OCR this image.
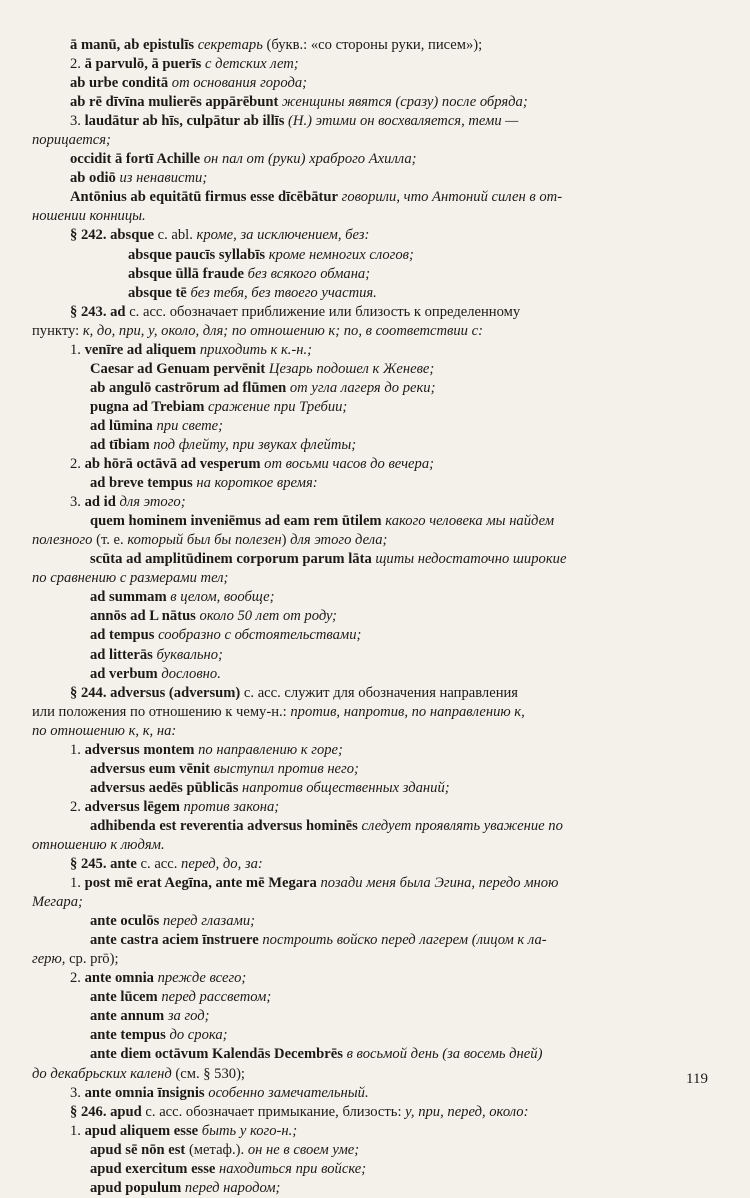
ā manū, ab epistulīs секретарь (букв.: «со стороны руки, писем»);
2. ā parvulō, ā puerīs с детских лет;
ab urbe conditā от основания города;
ab rē dīvīna mulierēs appārēbunt женщины явятся (сразу) после обряда;
3. laudātur ab hīs, culpātur ab illīs (H.) этими он восхваляется, теми —
порицается;
occidit ā fortī Achille он пал от (руки) храброго Ахилла;
ab odiō из ненависти;
Antōnius ab equitātū firmus esse dīcēbātur говорили, что Антоний силен в от-
ношении конницы.
§ 242. absque c. abl. кроме, за исключением, без:
absque paucīs syllabīs кроме немногих слогов;
absque ūllā fraude без всякого обмана;
absque tē без тебя, без твоего участия.
§ 243. ad c. acc. обозначает приближение или близость к определенному
пункту: к, до, при, у, около, для; по отношению к; по, в соответствии с:
1. venīre ad aliquem приходить к к.-н.;
Caesar ad Genuam pervēnit Цезарь подошел к Женеве;
ab angulō castrōrum ad flūmen от угла лагеря до реки;
pugna ad Trebiam сражение при Требии;
ad lūmina при свете;
ad tībiam под флейту, при звуках флейты;
2. ab hōrā octāvā ad vesperum от восьми часов до вечера;
ad breve tempus на короткое время:
3. ad id для этого;
quem hominem inveniēmus ad eam rem ūtilem какого человека мы найдем
полезного (т. е. который был бы полезен) для этого дела;
scūta ad amplitūdinem corporum parum lāta щиты недостаточно широкие
по сравнению с размерами тел;
ad summam в целом, вообще;
annōs ad L nātus около 50 лет от роду;
ad tempus сообразно с обстоятельствами;
ad litterās буквально;
ad verbum дословно.
§ 244. adversus (adversum) c. acc. служит для обозначения направления
или положения по отношению к чему-н.: против, напротив, по направлению к,
по отношению к, к, на:
1. adversus montem по направлению к горе;
adversus eum vēnit выступил против него;
adversus aedēs pūblicās напротив общественных зданий;
2. adversus lēgem против закона;
adhibenda est reverentia adversus hominēs следует проявлять уважение по
отношению к людям.
§ 245. ante c. acc. перед, до, за:
1. post mē erat Aegīna, ante mē Megara позади меня была Эгина, передо мною
Мегара;
ante oculōs перед глазами;
ante castra aciem īnstruere построить войско перед лагерем (лицом к ла-
герю, ср. prō);
2. ante omnia прежде всего;
ante lūcem перед рассветом;
ante annum за год;
ante tempus до срока;
ante diem octāvum Kalendās Decembrēs в восьмой день (за восемь дней)
до декабрьских календ (см. § 530);
3. ante omnia īnsignis особенно замечательный.
§ 246. apud c. acc. обозначает примыкание, близость: у, при, перед, около:
1. apud aliquem esse быть у кого-н.;
apud sē nōn est (метаф.). он не в своем уме;
apud exercitum esse находиться при войске;
apud populum перед народом;
119
